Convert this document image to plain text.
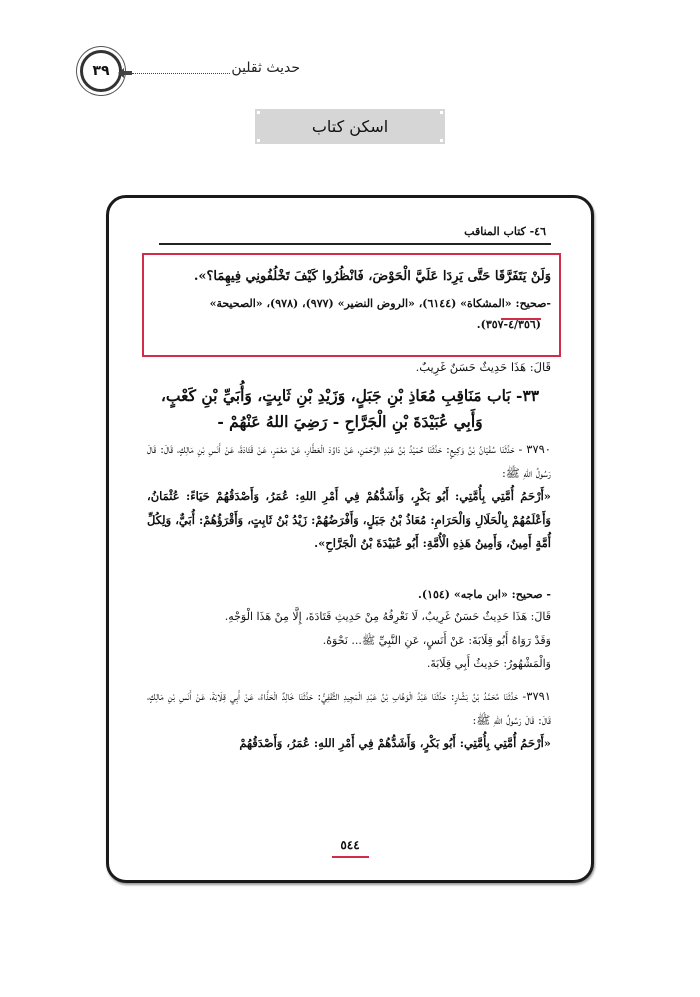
۳۹	حدیث ثقلین
اسکن کتاب
٤٦- كتاب المناقب
وَلَنْ يَتَفَرَّقَا حَتَّى يَرِدَا عَلَيَّ الْحَوْضَ، فَانْظُرُوا كَيْفَ تَخْلُفُونِي فِيهِمَا؟».
-صحيح: «المشكاة» (٦١٤٤)، «الروض النضير» (٩٧٧)، (٩٧٨)، «الصحيحة»
(٤/٣٥٦-٣٥٧).
قَالَ: هَذَا حَدِيثٌ حَسَنٌ غَرِيبٌ.
٣٣- بَاب مَنَاقِبِ مُعَاذِ بْنِ جَبَلٍ، وَزَيْدِ بْنِ ثَابِتٍ، وَأُبَيِّ بْنِ كَعْبٍ، وَأَبِي عُبَيْدَةَ بْنِ الْجَرَّاحِ - رَضِيَ اللهُ عَنْهُمْ -
٣٧٩٠ - حَدَّثَنَا سُفْيَانُ بْنُ وَكِيعٍ: حَدَّثَنَا حُمَيْدُ بْنُ عَبْدِ الرَّحْمَنِ، عَنْ دَاوُدَ الْعَطَّارِ، عَنْ مَعْمَرٍ، عَنْ قَتَادَةَ، عَنْ أَنَسِ بْنِ مَالِكٍ، قَالَ: قَالَ رَسُولُ اللهِ ﷺ:
«أَرْحَمُ أُمَّتِي بِأُمَّتِي: أَبُو بَكْرٍ، وَأَشَدُّهُمْ فِي أَمْرِ اللهِ: عُمَرُ، وَأَصْدَقُهُمْ حَيَاءً: عُثْمَانُ، وَأَعْلَمُهُمْ بِالْحَلَالِ وَالْحَرَامِ: مُعَاذُ بْنُ جَبَلٍ، وَأَفْرَضُهُمْ: زَيْدُ بْنُ ثَابِتٍ، وَأَقْرَؤُهُمْ: أُبَيٌّ، وَلِكُلِّ أُمَّةٍ أَمِينٌ، وَأَمِينُ هَذِهِ الْأُمَّةِ: أَبُو عُبَيْدَةَ بْنُ الْجَرَّاحِ».
- صحيح: «ابن ماجه» (١٥٤).
قَالَ: هَذَا حَدِيثٌ حَسَنٌ غَرِيبٌ، لَا نَعْرِفُهُ مِنْ حَدِيثِ قَتَادَةَ، إِلَّا مِنْ هَذَا الْوَجْهِ.
وَقَدْ رَوَاهُ أَبُو قِلَابَةَ: عَنْ أَنَسٍ، عَنِ النَّبِيِّ ﷺ... نَحْوَهُ.
وَالْمَشْهُورُ: حَدِيثُ أَبِي قِلَابَةَ.
٣٧٩١- حَدَّثَنَا مُحَمَّدُ بْنُ بَشَّارٍ: حَدَّثَنَا عَبْدُ الْوَهَّابِ بْنُ عَبْدِ الْمَجِيدِ الثَّقَفِيُّ: حَدَّثَنَا خَالِدٌ الْحَذَّاءُ، عَنْ أَبِي قِلَابَةَ، عَنْ أَنَسِ بْنِ مَالِكٍ، قَالَ: قَالَ رَسُولُ اللهِ ﷺ:
«أَرْحَمُ أُمَّتِي بِأُمَّتِي: أَبُو بَكْرٍ، وَأَشَدُّهُمْ فِي أَمْرِ اللهِ: عُمَرُ، وَأَصْدَقُهُمْ
٥٤٤
